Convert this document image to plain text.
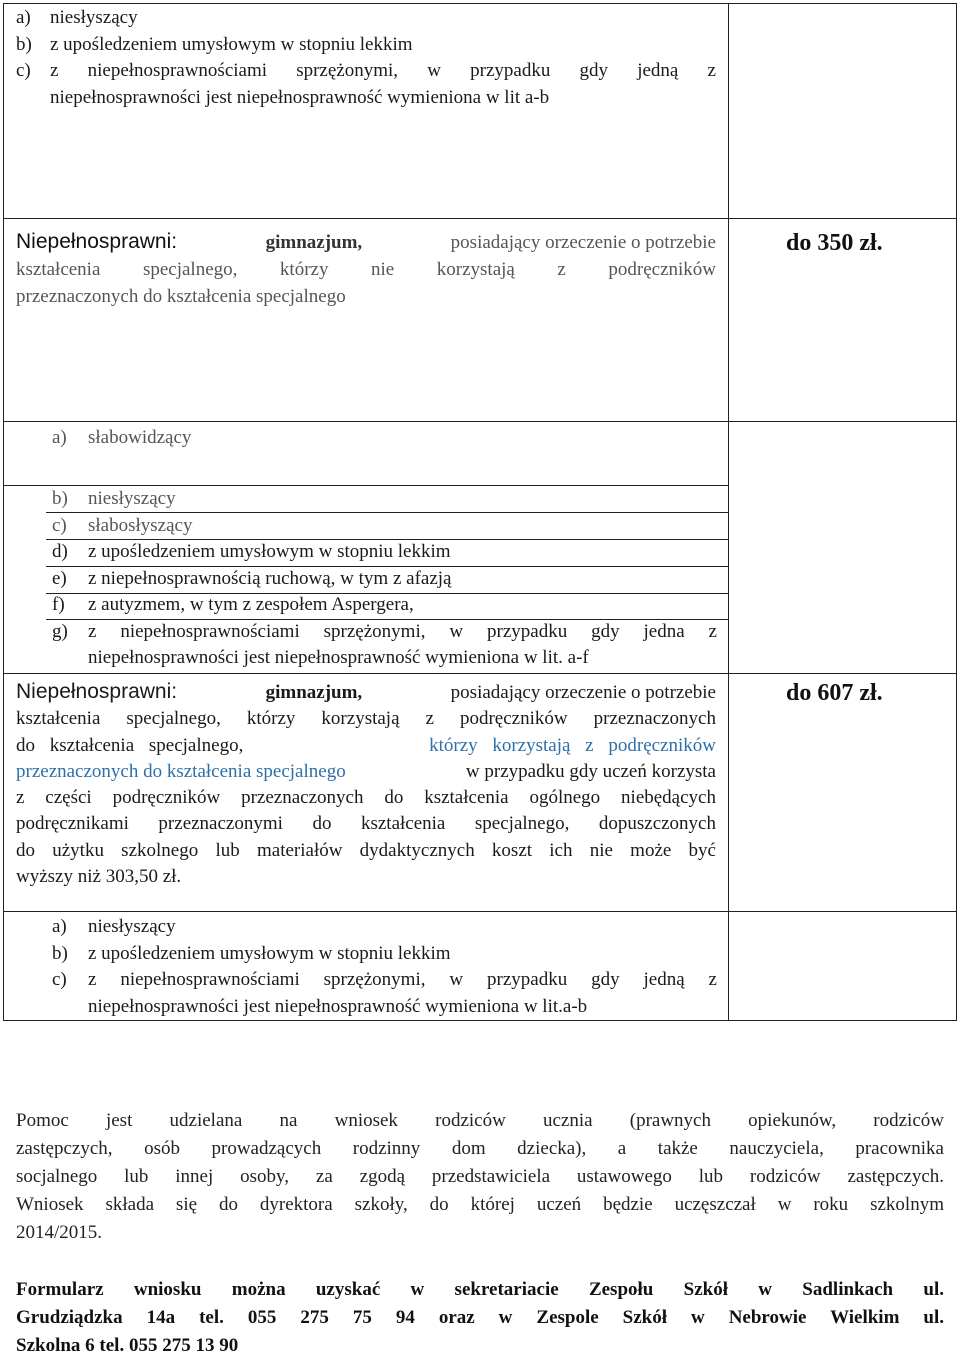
a)	niesłyszący
b) z upośledzeniem umysłowym w stopniu lekkim
c)	z niepełnosprawnościami sprzężonymi, w przypadku gdy jedną z
niepełnosprawności jest niepełnosprawność wymieniona w lit a-b
Niepełnosprawni:	gimnazjum,	posiadający orzeczenie o potrzebie
kształcenia specjalnego, którzy nie korzystają z podręczników
przeznaczonych do kształcenia specjalnego
do 350 zł.
a)	słabowidzący
b)	niesłyszący
c)	słabosłyszący
d)	z upośledzeniem umysłowym w stopniu lekkim
e)	z niepełnosprawnością ruchową, w tym z afazją
f)	z autyzmem, w tym z zespołem Aspergera,
g)	z niepełnosprawnościami sprzężonymi, w przypadku gdy jedna z
niepełnosprawności jest niepełnosprawność wymieniona w lit. a-f
Niepełnosprawni:	gimnazjum,	posiadający orzeczenie o potrzebie
kształcenia specjalnego, którzy korzystają z podręczników przeznaczonych
do kształcenia specjalnego,	którzy korzystają z podręczników
przeznaczonych do kształcenia specjalnego	w przypadku gdy uczeń korzysta
z części podręczników przeznaczonych do kształcenia ogólnego niebędących
podręcznikami przeznaczonymi do kształcenia specjalnego, dopuszczonych
do użytku szkolnego lub materiałów dydaktycznych koszt ich nie może być
wyższy niż 303,50 zł.
do 607 zł.
a)	niesłyszący
b)	z upośledzeniem umysłowym w stopniu lekkim
c)	z niepełnosprawnościami sprzężonymi, w przypadku gdy jedną z
niepełnosprawności jest niepełnosprawność wymieniona w lit.a-b
Pomoc jest udzielana na wniosek rodziców ucznia (prawnych opiekunów, rodziców
zastępczych, osób prowadzących rodzinny dom dziecka), a także nauczyciela, pracownika
socjalnego lub innej osoby, za zgodą przedstawiciela ustawowego lub rodziców zastępczych.
Wniosek składa się do dyrektora szkoły, do której uczeń będzie uczęszczał w roku szkolnym
2014/2015.
Formularz wniosku można uzyskać w sekretariacie Zespołu Szkół w Sadlinkach ul.
Grudziądzka 14a tel. 055 275 75 94 oraz w Zespole Szkół w Nebrowie Wielkim ul.
Szkolna 6 tel. 055 275 13 90
